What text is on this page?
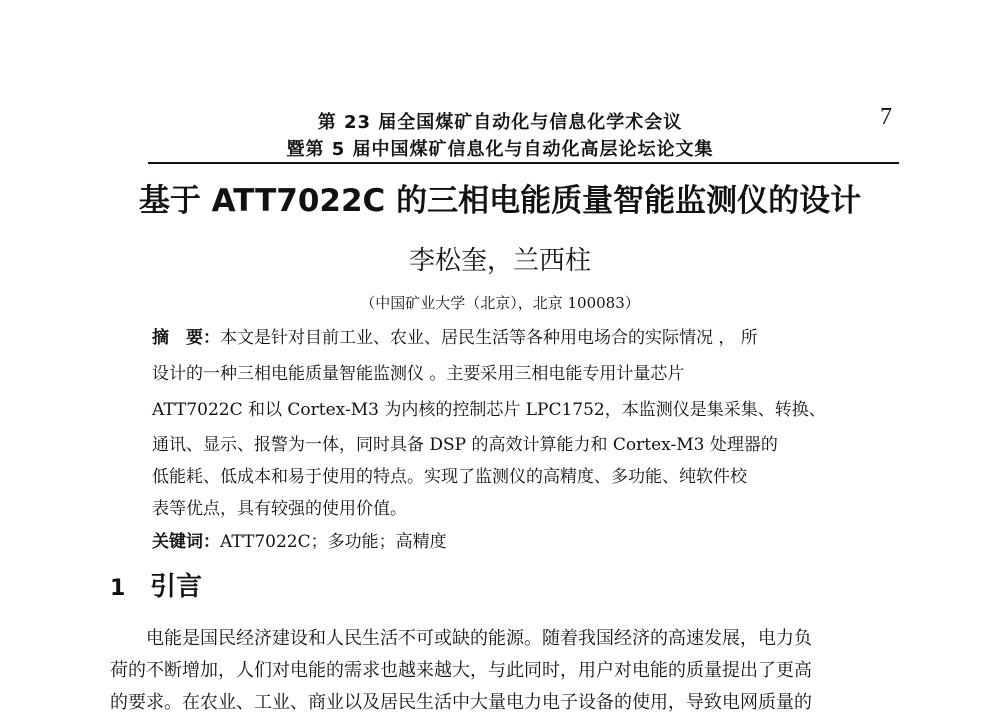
第 23 届全国煤矿自动化与信息化学术会议
暨第 5 届中国煤矿信息化与自动化高层论坛论文集
7
基于 ATT7022C 的三相电能质量智能监测仪的设计
李松奎，兰西柱
（中国矿业大学（北京），北京 100083）
摘　要：本文是针对目前工业、农业、居民生活等各种用电场合的实际情况 ， 所
设计的一种三相电能质量智能监测仪 。主要采用三相电能专用计量芯片
ATT7022C 和以 Cortex-M3 为内核的控制芯片 LPC1752，本监测仪是集采集、转换、
通讯、显示、报警为一体，同时具备 DSP 的高效计算能力和 Cortex-M3 处理器的
低能耗、低成本和易于使用的特点。实现了监测仪的高精度、多功能、纯软件校
表等优点，具有较强的使用价值。
关键词：ATT7022C；多功能；高精度
1 引言
电能是国民经济建设和人民生活不可或缺的能源。随着我国经济的高速发展，电力负
荷的不断增加，人们对电能的需求也越来越大，与此同时，用户对电能的质量提出了更高
的要求。在农业、工业、商业以及居民生活中大量电力电子设备的使用，导致电网质量的
